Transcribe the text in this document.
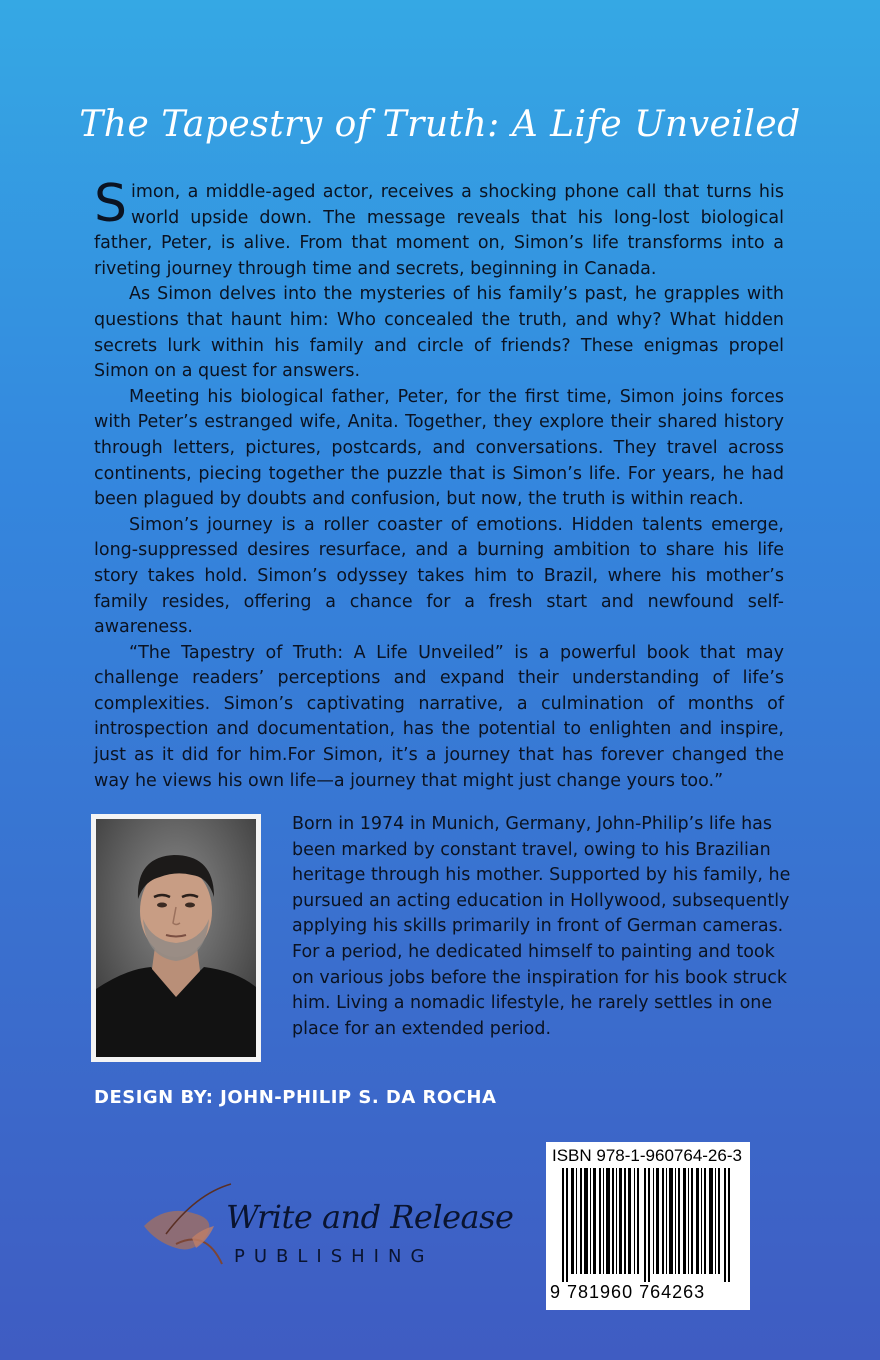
The Tapestry of Truth: A Life Unveiled

Simon, a middle-aged actor, receives a shocking phone call that turns his world upside down. The message reveals that his long-lost biological father, Peter, is alive. From that moment on, Simon’s life transforms into a riveting journey through time and secrets, beginning in Canada.

As Simon delves into the mysteries of his family’s past, he grapples with questions that haunt him: Who concealed the truth, and why? What hidden secrets lurk within his family and circle of friends? These enigmas propel Simon on a quest for answers.

Meeting his biological father, Peter, for the first time, Simon joins forces with Peter’s estranged wife, Anita. Together, they explore their shared history through letters, pictures, postcards, and conversations. They travel across continents, piecing together the puzzle that is Simon’s life. For years, he had been plagued by doubts and confusion, but now, the truth is within reach.

Simon’s journey is a roller coaster of emotions. Hidden talents emerge, long-suppressed desires resurface, and a burning ambition to share his life story takes hold. Simon’s odyssey takes him to Brazil, where his mother’s family resides, offering a chance for a fresh start and newfound self-awareness.

“The Tapestry of Truth: A Life Unveiled” is a powerful book that may challenge readers’ perceptions and expand their understanding of life’s complexities. Simon’s captivating narrative, a culmination of months of introspection and documentation, has the potential to enlighten and inspire, just as it did for him.For Simon, it’s a journey that has forever changed the way he views his own life—a journey that might just change yours too.”

Born in 1974 in Munich, Germany, John-Philip’s life has been marked by constant travel, owing to his Brazilian heritage through his mother. Supported by his family, he pursued an acting education in Hollywood, subsequently applying his skills primarily in front of German cameras. For a period, he dedicated himself to painting and took on various jobs before the inspiration for his book struck him. Living a nomadic lifestyle, he rarely settles in one place for an extended period.
DESIGN BY: JOHN-PHILIP S. DA ROCHA
Write and Release
PUBLISHING
ISBN 978-1-960764-26-3
9 781960 764263
